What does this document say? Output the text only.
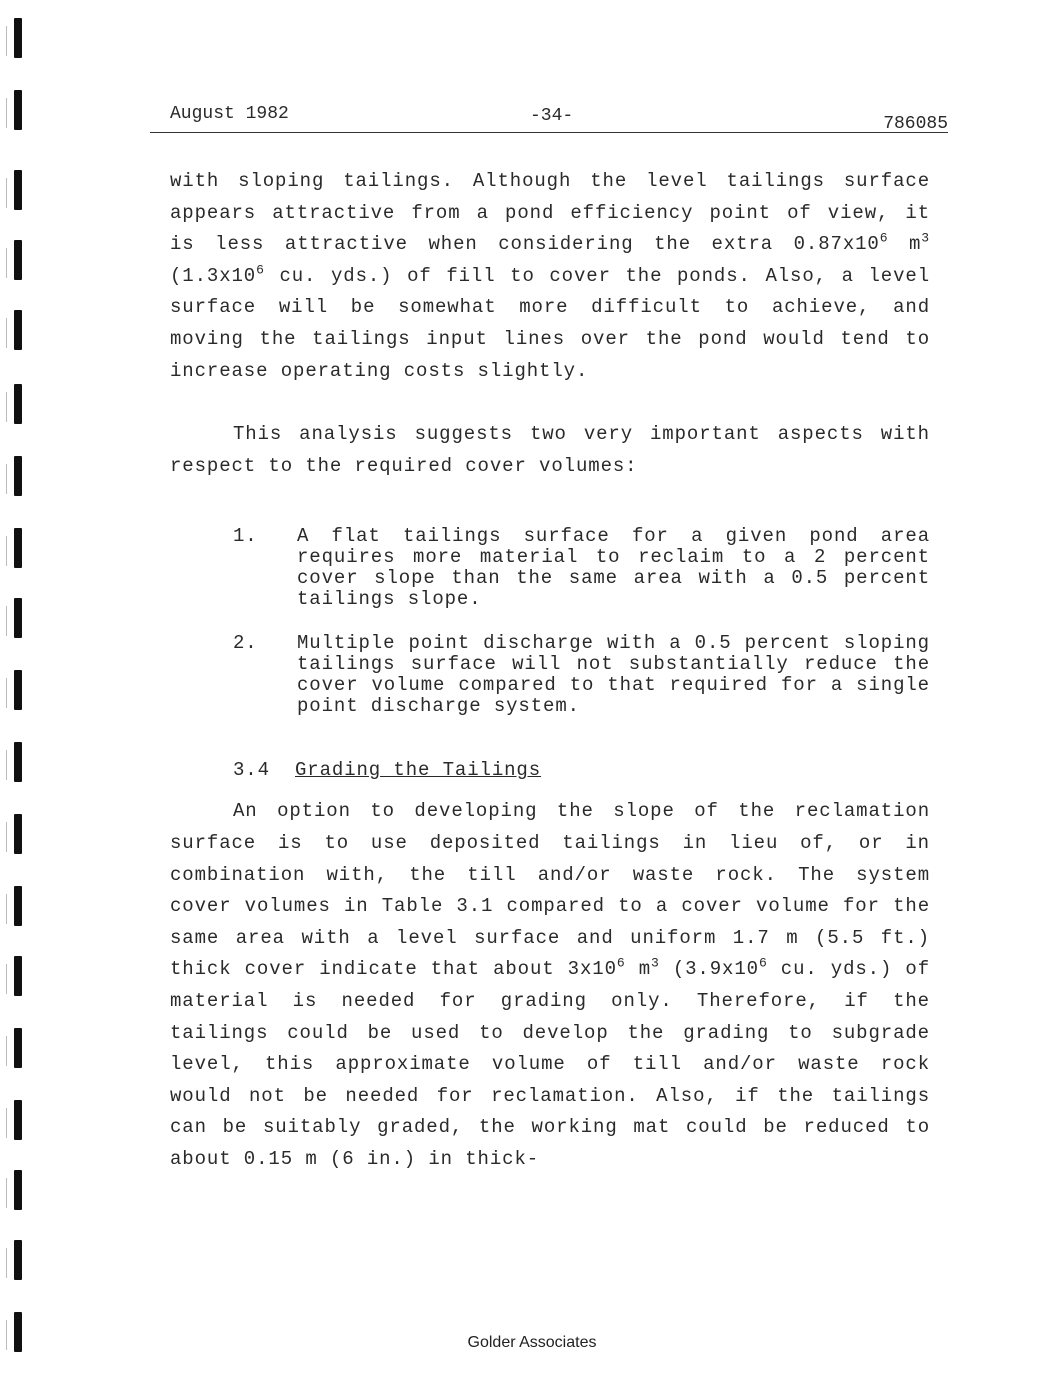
August 1982	-34-	786085

with sloping tailings. Although the level tailings surface appears attractive from a pond efficiency point of view, it is less attractive when considering the extra $0.87x10^6$ $m^3$ ($1.3x10^6$ cu. yds.) of fill to cover the ponds. Also, a level surface will be somewhat more difficult to achieve, and moving the tailings input lines over the pond would tend to increase operating costs slightly.

This analysis suggests two very important aspects with respect to the required cover volumes:

1. A flat tailings surface for a given pond area requires more material to reclaim to a 2 percent cover slope than the same area with a 0.5 percent tailings slope.
2. Multiple point discharge with a 0.5 percent sloping tailings surface will not substantially reduce the cover volume compared to that required for a single point discharge system.

3.4 Grading the Tailings

An option to developing the slope of the reclamation surface is to use deposited tailings in lieu of, or in combination with, the till and/or waste rock. The system cover volumes in Table 3.1 compared to a cover volume for the same area with a level surface and uniform 1.7 m (5.5 ft.) thick cover indicate that about $3x10^6$ $m^3$ ($3.9x10^6$ cu. yds.) of material is needed for grading only. Therefore, if the tailings could be used to develop the grading to subgrade level, this approximate volume of till and/or waste rock would not be needed for reclamation. Also, if the tailings can be suitably graded, the working mat could be reduced to about 0.15 m (6 in.) in thick-

Golder Associates
